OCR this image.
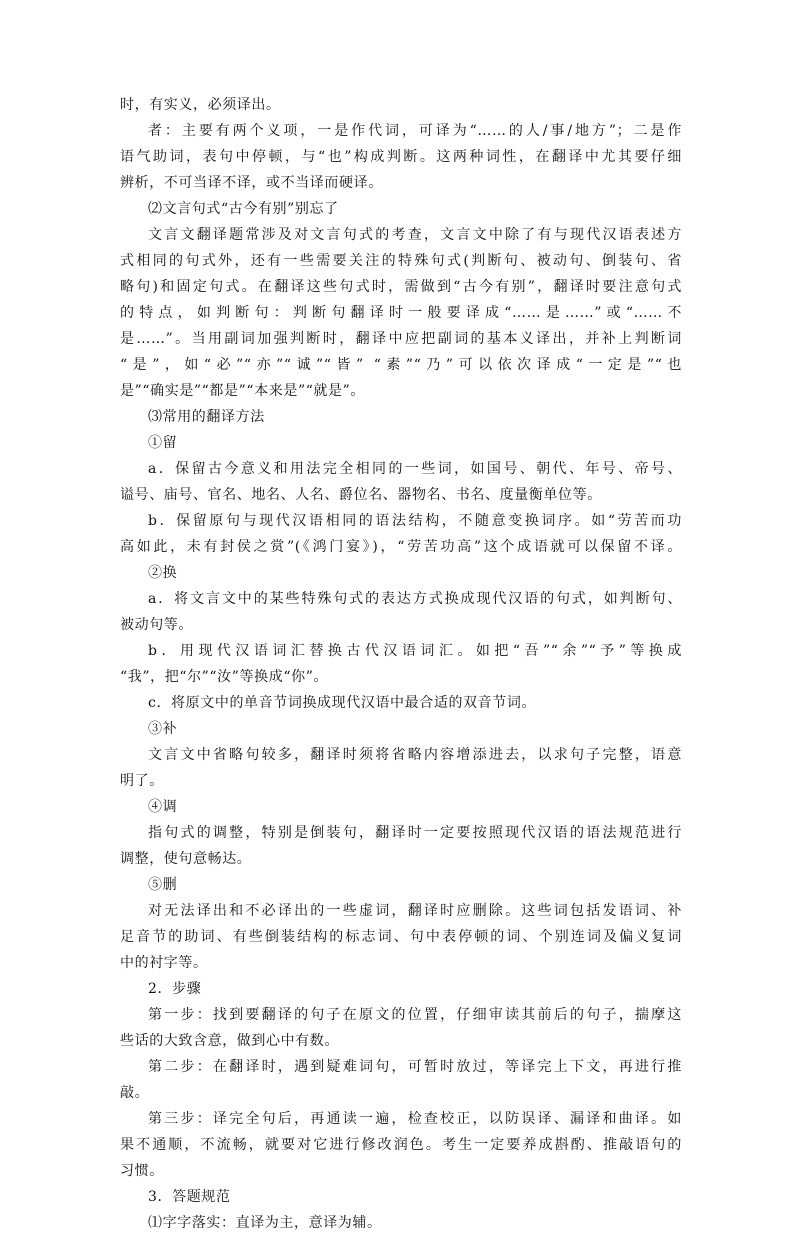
时，有实义，必须译出。
者：主要有两个义项，一是作代词，可译为“……的人/事/地方”；二是作
语气助词，表句中停顿，与“也”构成判断。这两种词性，在翻译中尤其要仔细
辨析，不可当译不译，或不当译而硬译。
⑵文言句式“古今有别”别忘了
文言文翻译题常涉及对文言句式的考查，文言文中除了有与现代汉语表述方
式相同的句式外，还有一些需要关注的特殊句式(判断句、被动句、倒装句、省
略句)和固定句式。在翻译这些句式时，需做到“古今有别”，翻译时要注意句式
的特点，如判断句：判断句翻译时一般要译成“……是……”或“……不
是……”。当用副词加强判断时，翻译中应把副词的基本义译出，并补上判断词
“是”，如“必”“亦”“诚”“皆” “素”“乃”可以依次译成“一定是”“也
是”“确实是”“都是”“本来是”“就是”。
⑶常用的翻译方法
①留
a．保留古今意义和用法完全相同的一些词，如国号、朝代、年号、帝号、
谥号、庙号、官名、地名、人名、爵位名、器物名、书名、度量衡单位等。
b．保留原句与现代汉语相同的语法结构，不随意变换词序。如“劳苦而功
高如此，未有封侯之赏”(《鸿门宴》)，“劳苦功高”这个成语就可以保留不译。
②换
a．将文言文中的某些特殊句式的表达方式换成现代汉语的句式，如判断句、
被动句等。
b．用现代汉语词汇替换古代汉语词汇。如把“吾”“余”“予”等换成
“我”，把“尔”“汝”等换成“你”。
c．将原文中的单音节词换成现代汉语中最合适的双音节词。
③补
文言文中省略句较多，翻译时须将省略内容增添进去，以求句子完整，语意
明了。
④调
指句式的调整，特别是倒装句，翻译时一定要按照现代汉语的语法规范进行
调整，使句意畅达。
⑤删
对无法译出和不必译出的一些虚词，翻译时应删除。这些词包括发语词、补
足音节的助词、有些倒装结构的标志词、句中表停顿的词、个别连词及偏义复词
中的衬字等。
2．步骤
第一步：找到要翻译的句子在原文的位置，仔细审读其前后的句子，揣摩这
些话的大致含意，做到心中有数。
第二步：在翻译时，遇到疑难词句，可暂时放过，等译完上下文，再进行推
敲。
第三步：译完全句后，再通读一遍，检查校正，以防误译、漏译和曲译。如
果不通顺，不流畅，就要对它进行修改润色。考生一定要养成斟酌、推敲语句的
习惯。
3．答题规范
⑴字字落实：直译为主，意译为辅。
